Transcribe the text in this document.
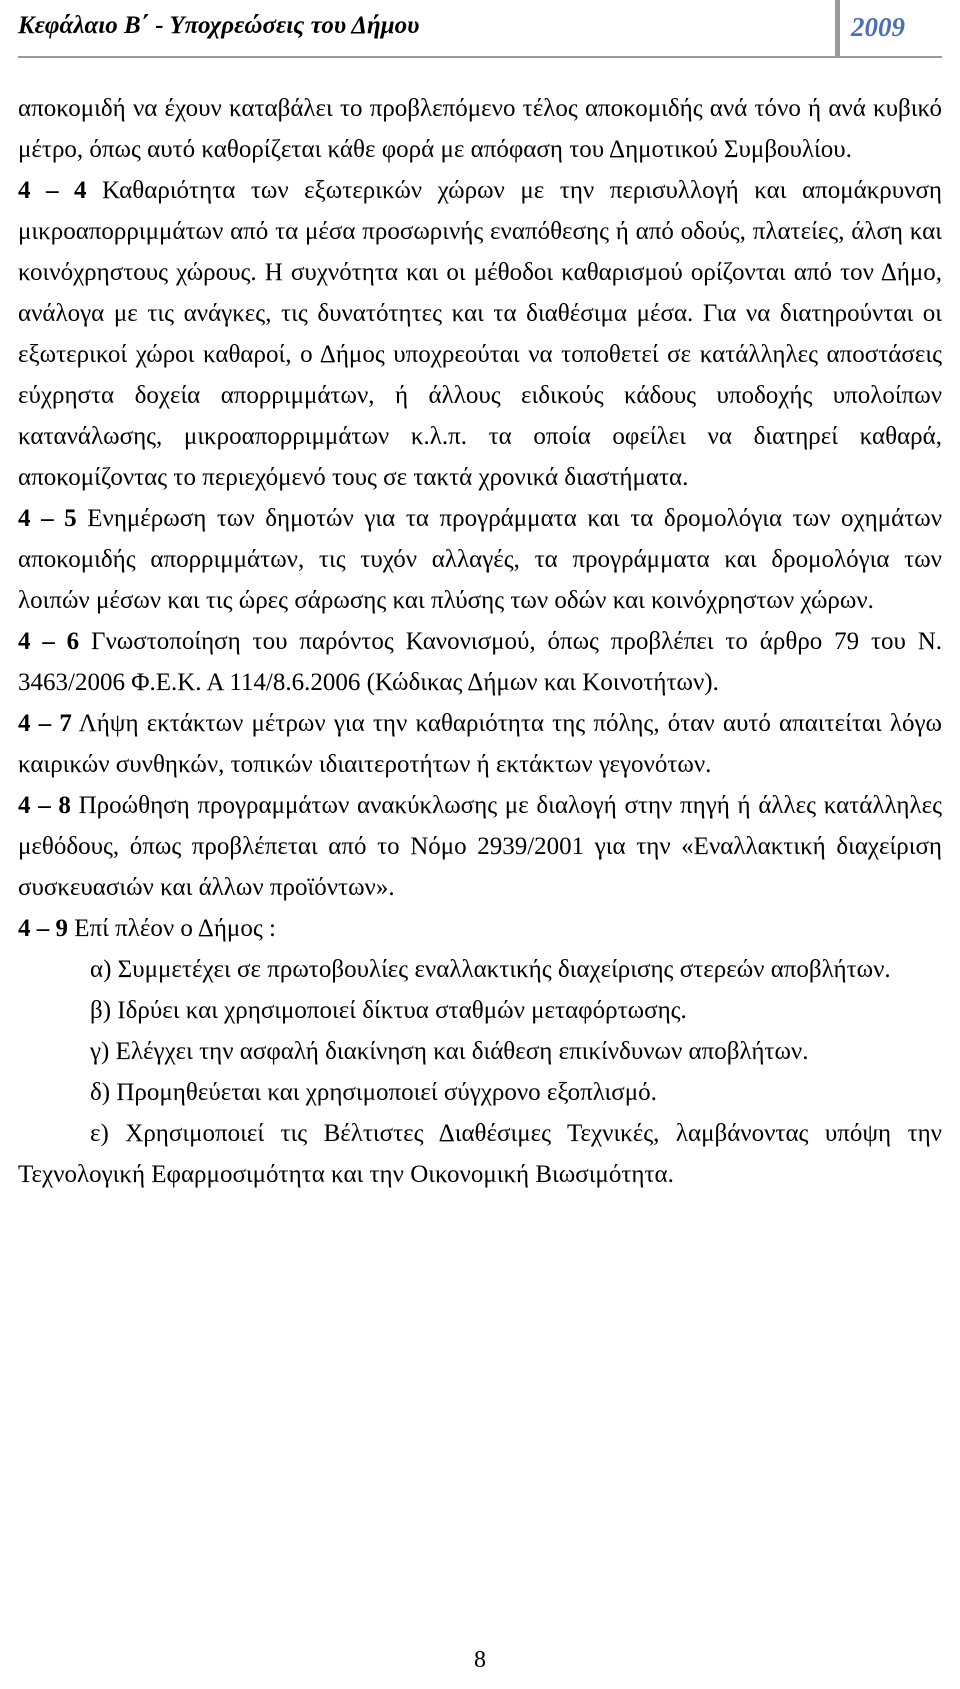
Κεφάλαιο Β΄ - Υποχρεώσεις του Δήμου	2009

αποκομιδή να έχουν καταβάλει το προβλεπόμενο τέλος αποκομιδής ανά τόνο ή ανά κυβικό μέτρο, όπως αυτό καθορίζεται κάθε φορά με απόφαση του Δημοτικού Συμβουλίου.

4 – 4 Καθαριότητα των εξωτερικών χώρων με την περισυλλογή και απομάκρυνση μικροαπορριμμάτων από τα μέσα προσωρινής εναπόθεσης ή από οδούς, πλατείες, άλση και κοινόχρηστους χώρους. Η συχνότητα και οι μέθοδοι καθαρισμού ορίζονται από τον Δήμο, ανάλογα με τις ανάγκες, τις δυνατότητες και τα διαθέσιμα μέσα. Για να διατηρούνται οι εξωτερικοί χώροι καθαροί, ο Δήμος υποχρεούται να τοποθετεί σε κατάλληλες αποστάσεις εύχρηστα δοχεία απορριμμάτων, ή άλλους ειδικούς κάδους υποδοχής υπολοίπων κατανάλωσης, μικροαπορριμμάτων κ.λ.π. τα οποία οφείλει να διατηρεί καθαρά, αποκομίζοντας το περιεχόμενό τους σε τακτά χρονικά διαστήματα.

4 – 5 Ενημέρωση των δημοτών για τα προγράμματα και τα δρομολόγια των οχημάτων αποκομιδής απορριμμάτων, τις τυχόν αλλαγές, τα προγράμματα και δρομολόγια των λοιπών μέσων και τις ώρες σάρωσης και πλύσης των οδών και κοινόχρηστων χώρων.

4 – 6 Γνωστοποίηση του παρόντος Κανονισμού, όπως προβλέπει το άρθρο 79 του Ν. 3463/2006 Φ.Ε.Κ. Α 114/8.6.2006 (Κώδικας Δήμων και Κοινοτήτων).

4 – 7 Λήψη εκτάκτων μέτρων για την καθαριότητα της πόλης, όταν αυτό απαιτείται λόγω καιρικών συνθηκών, τοπικών ιδιαιτεροτήτων ή εκτάκτων γεγονότων.

4 – 8 Προώθηση προγραμμάτων ανακύκλωσης με διαλογή στην πηγή ή άλλες κατάλληλες μεθόδους, όπως προβλέπεται από το Νόμο 2939/2001 για την «Εναλλακτική διαχείριση συσκευασιών και άλλων προϊόντων».

4 – 9 Επί πλέον ο Δήμος :

α) Συμμετέχει σε πρωτοβουλίες εναλλακτικής διαχείρισης στερεών αποβλήτων.

β) Ιδρύει και χρησιμοποιεί δίκτυα σταθμών μεταφόρτωσης.

γ) Ελέγχει την ασφαλή διακίνηση και διάθεση επικίνδυνων αποβλήτων.

δ) Προμηθεύεται και χρησιμοποιεί σύγχρονο εξοπλισμό.

ε) Χρησιμοποιεί τις Βέλτιστες Διαθέσιμες Τεχνικές, λαμβάνοντας υπόψη την Τεχνολογική Εφαρμοσιμότητα και την Οικονομική Βιωσιμότητα.

8
